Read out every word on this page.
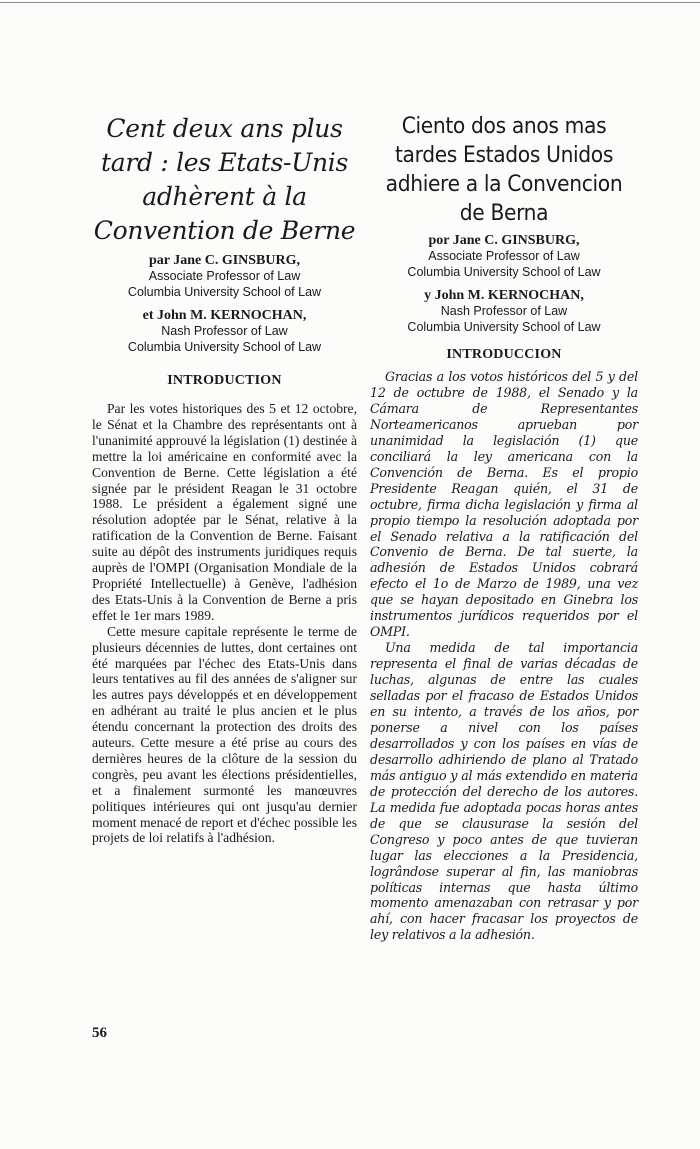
Cent deux ans plus
tard : les Etats-Unis
adhèrent à la
Convention de Berne
par Jane C. GINSBURG,
Associate Professor of Law
Columbia University School of Law
et John M. KERNOCHAN,
Nash Professor of Law
Columbia University School of Law
INTRODUCTION

Par les votes historiques des 5 et 12 octobre, le Sénat et la Chambre des représentants ont à l'unanimité approuvé la législation (1) destinée à mettre la loi américaine en conformité avec la Convention de Berne. Cette législation a été signée par le président Reagan le 31 octobre 1988. Le président a également signé une résolution adoptée par le Sénat, relative à la ratification de la Convention de Berne. Faisant suite au dépôt des instruments juridiques requis auprès de l'OMPI (Organisation Mondiale de la Propriété Intellectuelle) à Genève, l'adhésion des Etats-Unis à la Convention de Berne a pris effet le 1er mars 1989.

Cette mesure capitale représente le terme de plusieurs décennies de luttes, dont certaines ont été marquées par l'échec des Etats-Unis dans leurs tentatives au fil des années de s'aligner sur les autres pays développés et en développement en adhérant au traité le plus ancien et le plus étendu concernant la protection des droits des auteurs. Cette mesure a été prise au cours des dernières heures de la clôture de la session du congrès, peu avant les élections présidentielles, et a finalement surmonté les manœuvres politiques intérieures qui ont jusqu'au dernier moment menacé de report et d'échec possible les projets de loi relatifs à l'adhésion.

Ciento dos anos mas
tardes Estados Unidos
adhiere a la Convencion
de Berna
por Jane C. GINSBURG,
Associate Professor of Law
Columbia University School of Law
y John M. KERNOCHAN,
Nash Professor of Law
Columbia University School of Law
INTRODUCCION

Gracias a los votos históricos del 5 y del 12 de octubre de 1988, el Senado y la Cámara de Representantes Norteamericanos aprueban por unanimidad la legislación (1) que conciliará la ley americana con la Convención de Berna. Es el propio Presidente Reagan quién, el 31 de octubre, firma dicha legislación y firma al propio tiempo la resolución adoptada por el Senado relativa a la ratificación del Convenio de Berna. De tal suerte, la adhesión de Estados Unidos cobrará efecto el 1o de Marzo de 1989, una vez que se hayan depositado en Ginebra los instrumentos jurídicos requeridos por el OMPI.

Una medida de tal importancia representa el final de varias décadas de luchas, algunas de entre las cuales selladas por el fracaso de Estados Unidos en su intento, a través de los años, por ponerse a nivel con los países desarrollados y con los países en vías de desarrollo adhiriendo de plano al Tratado más antiguo y al más extendido en materia de protección del derecho de los autores. La medida fue adoptada pocas horas antes de que se clausurase la sesión del Congreso y poco antes de que tuvieran lugar las elecciones a la Presidencia, logrândose superar al fin, las maniobras políticas internas que hasta último momento amenazaban con retrasar y por ahí, con hacer fracasar los proyectos de ley relativos a la adhesión.

56
